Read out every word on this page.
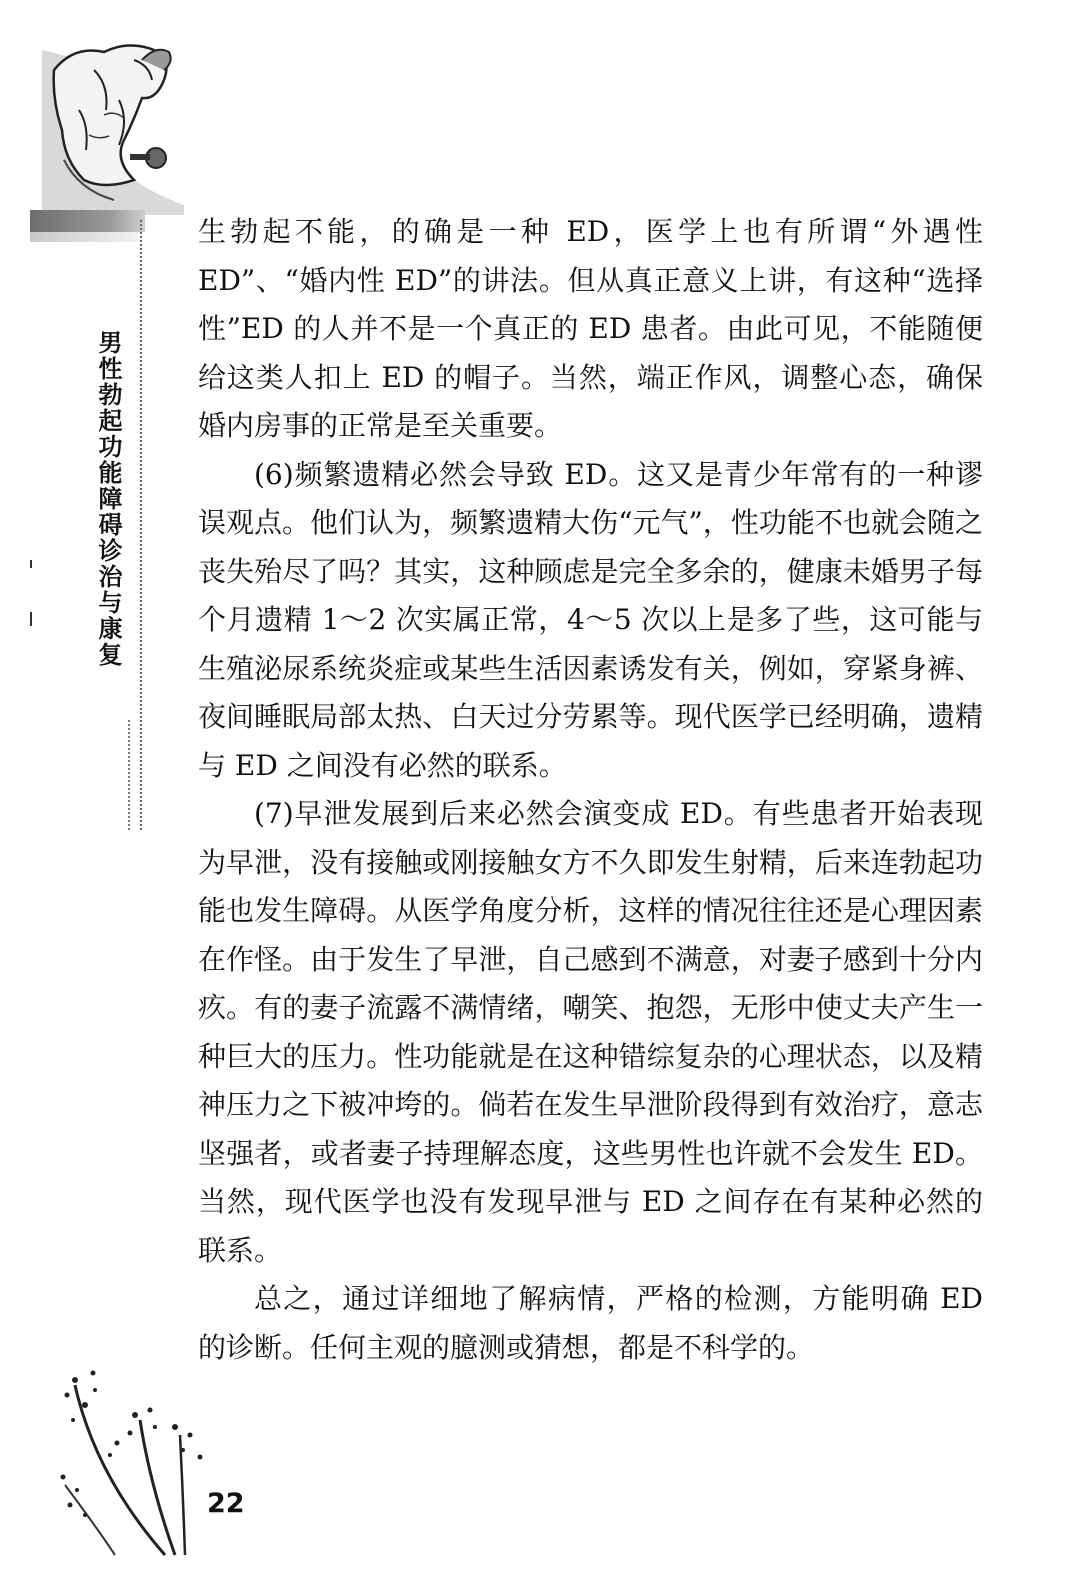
男性勃起功能障碍诊治与康复

生勃起不能，的确是一种 ED，医学上也有所谓“外遇性 ED”、“婚内性 ED”的讲法。但从真正意义上讲，有这种“选择性”ED 的人并不是一个真正的 ED 患者。由此可见，不能随便给这类人扣上 ED 的帽子。当然，端正作风，调整心态，确保婚内房事的正常是至关重要。

(6)频繁遗精必然会导致 ED。这又是青少年常有的一种谬误观点。他们认为，频繁遗精大伤“元气”，性功能不也就会随之丧失殆尽了吗？其实，这种顾虑是完全多余的，健康未婚男子每个月遗精 1～2 次实属正常，4～5 次以上是多了些，这可能与生殖泌尿系统炎症或某些生活因素诱发有关，例如，穿紧身裤、夜间睡眠局部太热、白天过分劳累等。现代医学已经明确，遗精与 ED 之间没有必然的联系。

(7)早泄发展到后来必然会演变成 ED。有些患者开始表现为早泄，没有接触或刚接触女方不久即发生射精，后来连勃起功能也发生障碍。从医学角度分析，这样的情况往往还是心理因素在作怪。由于发生了早泄，自己感到不满意，对妻子感到十分内疚。有的妻子流露不满情绪，嘲笑、抱怨，无形中使丈夫产生一种巨大的压力。性功能就是在这种错综复杂的心理状态，以及精神压力之下被冲垮的。倘若在发生早泄阶段得到有效治疗，意志坚强者，或者妻子持理解态度，这些男性也许就不会发生 ED。当然，现代医学也没有发现早泄与 ED 之间存在有某种必然的联系。

总之，通过详细地了解病情，严格的检测，方能明确 ED 的诊断。任何主观的臆测或猜想，都是不科学的。

22
